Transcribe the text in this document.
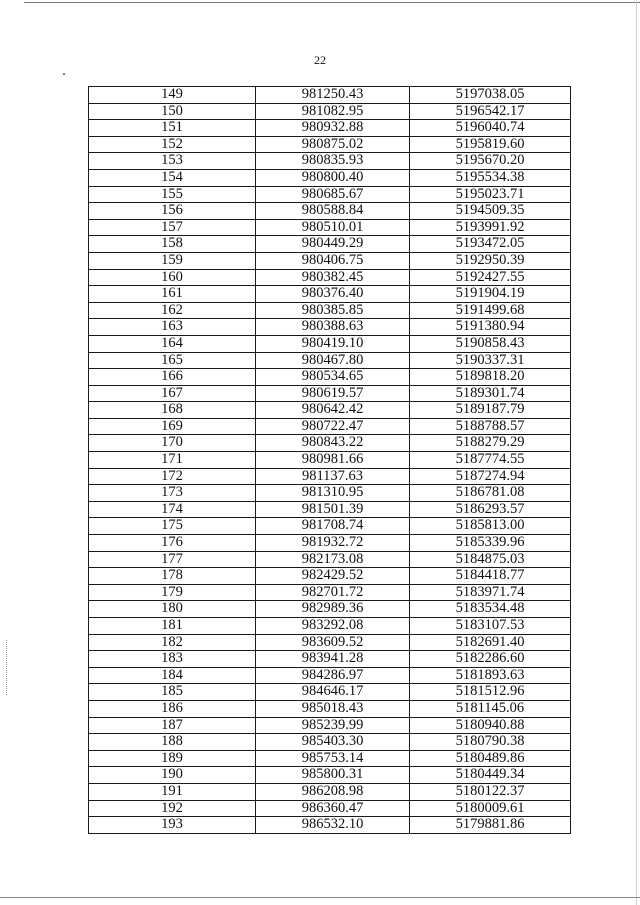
22
149	981250.43	5197038.05
150	981082.95	5196542.17
151	980932.88	5196040.74
152	980875.02	5195819.60
153	980835.93	5195670.20
154	980800.40	5195534.38
155	980685.67	5195023.71
156	980588.84	5194509.35
157	980510.01	5193991.92
158	980449.29	5193472.05
159	980406.75	5192950.39
160	980382.45	5192427.55
161	980376.40	5191904.19
162	980385.85	5191499.68
163	980388.63	5191380.94
164	980419.10	5190858.43
165	980467.80	5190337.31
166	980534.65	5189818.20
167	980619.57	5189301.74
168	980642.42	5189187.79
169	980722.47	5188788.57
170	980843.22	5188279.29
171	980981.66	5187774.55
172	981137.63	5187274.94
173	981310.95	5186781.08
174	981501.39	5186293.57
175	981708.74	5185813.00
176	981932.72	5185339.96
177	982173.08	5184875.03
178	982429.52	5184418.77
179	982701.72	5183971.74
180	982989.36	5183534.48
181	983292.08	5183107.53
182	983609.52	5182691.40
183	983941.28	5182286.60
184	984286.97	5181893.63
185	984646.17	5181512.96
186	985018.43	5181145.06
187	985239.99	5180940.88
188	985403.30	5180790.38
189	985753.14	5180489.86
190	985800.31	5180449.34
191	986208.98	5180122.37
192	986360.47	5180009.61
193	986532.10	5179881.86
